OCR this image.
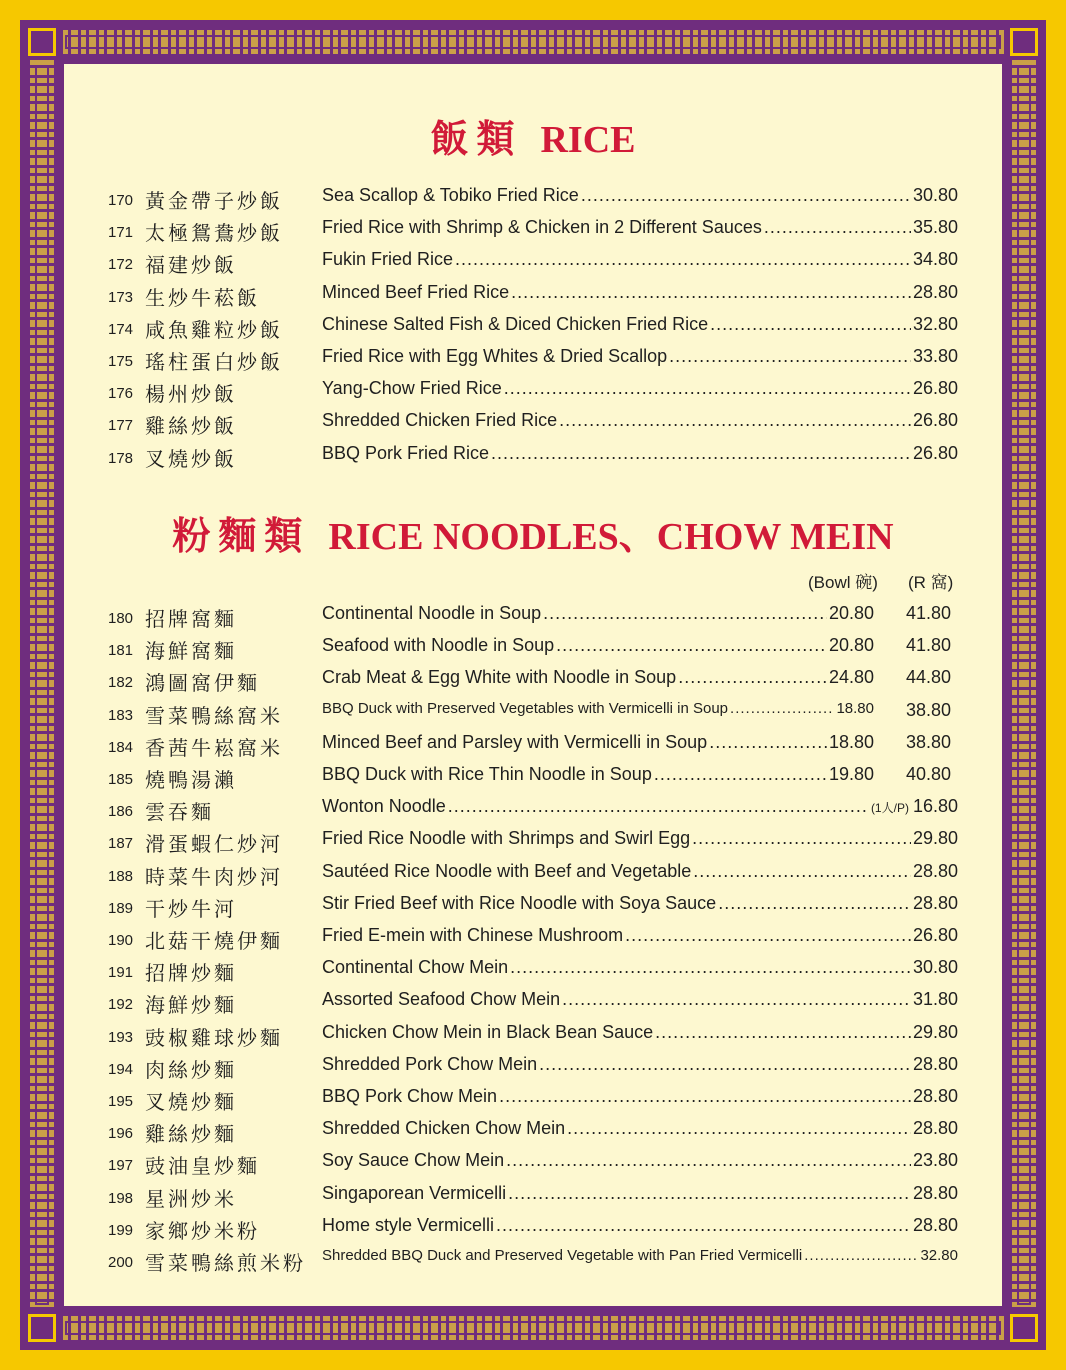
飯類 RICE
170 黃金帶子炒飯 Sea Scallop & Tobiko Fried Rice .....	30.80
171 太極鴛鴦炒飯 Fried Rice with Shrimp & Chicken in 2 Different Sauces .....	35.80
172 福建炒飯	Fukin Fried Rice .....	34.80
173 生炒牛菘飯	Minced Beef Fried Rice .....	28.80
174 咸魚雞粒炒飯 Chinese Salted Fish & Diced Chicken Fried Rice .....	32.80
175 瑤柱蛋白炒飯 Fried Rice with Egg Whites & Dried Scallop .....	33.80
176 楊州炒飯	Yang-Chow Fried Rice .....	26.80
177 雞絲炒飯	Shredded Chicken Fried Rice .....	26.80
178 叉燒炒飯	BBQ Pork Fried Rice .....	26.80
粉麵類 RICE NOODLES、CHOW MEIN
(Bowl 碗) (R 窩)
180 招牌窩麵	Continental Noodle in Soup .....	20.80 41.80
181 海鮮窩麵	Seafood with Noodle in Soup .....	20.80 41.80
182 鴻圖窩伊麵	Crab Meat & Egg White with Noodle in Soup .....	24.80 44.80
183 雪菜鴨絲窩米	BBQ Duck with Preserved Vegetables with Vermicelli in Soup .....	18.80 38.80
184 香茜牛崧窩米 Minced Beef and Parsley with Vermicelli in Soup .....	18.80 38.80
185 燒鴨湯瀨	BBQ Duck with Rice Thin Noodle in Soup .....	19.80 40.80
186 雲吞麵	Wonton Noodle .....	(1人/P) 16.80
187 滑蛋蝦仁炒河 Fried Rice Noodle with Shrimps and Swirl Egg .....	29.80
188 時菜牛肉炒河 Sautéed Rice Noodle with Beef and Vegetable .....	28.80
189 干炒牛河	Stir Fried Beef with Rice Noodle with Soya Sauce .....	28.80
190 北菇干燒伊麵 Fried E-mein with Chinese Mushroom .....	26.80
191 招牌炒麵	Continental Chow Mein .....	30.80
192 海鮮炒麵	Assorted Seafood Chow Mein .....	31.80
193 豉椒雞球炒麵 Chicken Chow Mein in Black Bean Sauce .....	29.80
194 肉絲炒麵	Shredded Pork Chow Mein .....	28.80
195 叉燒炒麵	BBQ Pork Chow Mein .....	28.80
196 雞絲炒麵	Shredded Chicken Chow Mein .....	28.80
197 豉油皇炒麵	Soy Sauce Chow Mein .....	23.80
198 星洲炒米	Singaporean Vermicelli .....	28.80
199 家鄉炒米粉	Home style Vermicelli .....	28.80
200 雪菜鴨絲煎米粉 Shredded BBQ Duck and Preserved Vegetable with Pan Fried Vermicelli .....	32.80
